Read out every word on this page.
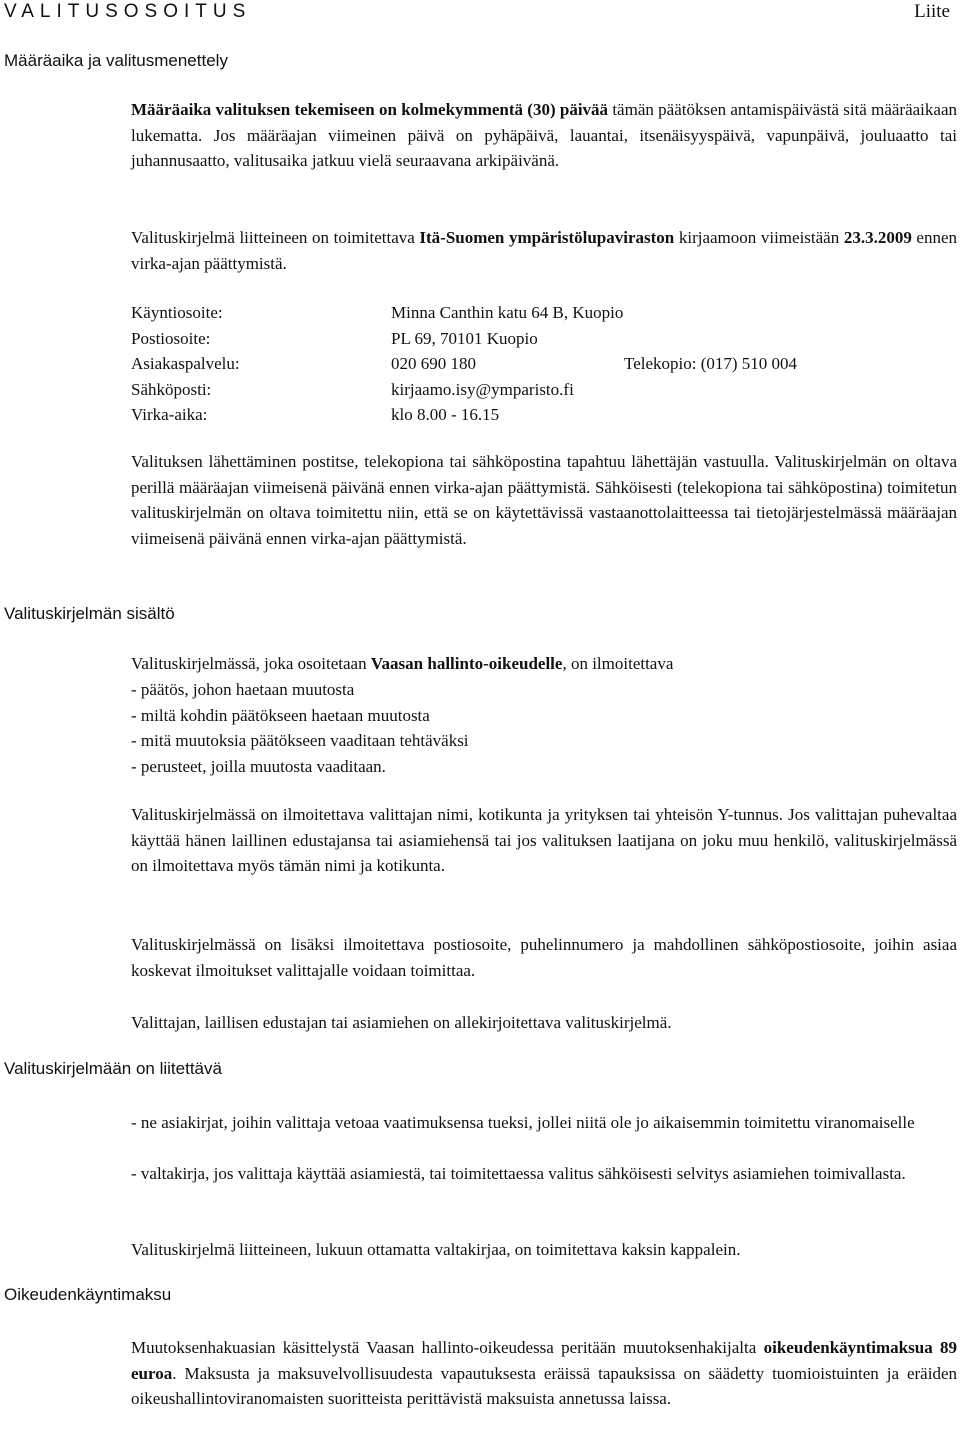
VALITUSOSOITUS	Liite
Määräaika ja valitusmenettely
Valituskirjelmän sisältö
Valituskirjelmään on liitettävä
Oikeudenkäyntimaksu
Määräaika valituksen tekemiseen on kolmekymmentä (30) päivää tämän päätöksen antamispäivästä sitä määräaikaan lukematta. Jos määräajan viimeinen päivä on pyhäpäivä, lauantai, itsenäisyyspäivä, vapunpäivä, jouluaatto tai juhannusaatto, valitusaika jatkuu vielä seuraavana arkipäivänä.
Valituskirjelmä liitteineen on toimitettava Itä-Suomen ympäristölupaviraston kirjaamoon viimeistään 23.3.2009 ennen virka-ajan päättymistä.
Käyntiosoite:	Minna Canthin katu 64 B, Kuopio
Postiosoite:	PL 69, 70101 Kuopio
Asiakaspalvelu:	020 690 180	Telekopio: (017) 510 004
Sähköposti:	kirjaamo.isy@ymparisto.fi
Virka-aika:	klo 8.00 - 16.15
Valituksen lähettäminen postitse, telekopiona tai sähköpostina tapahtuu lähettäjän vastuulla. Valituskirjelmän on oltava perillä määräajan viimeisenä päivänä ennen virka-ajan päättymistä. Sähköisesti (telekopiona tai sähköpostina) toimitetun valituskirjelmän on oltava toimitettu niin, että se on käytettävissä vastaanottolaitteessa tai tietojärjestelmässä määräajan viimeisenä päivänä ennen virka-ajan päättymistä.
Valituskirjelmässä, joka osoitetaan Vaasan hallinto-oikeudelle, on ilmoitettava
- päätös, johon haetaan muutosta
- miltä kohdin päätökseen haetaan muutosta
- mitä muutoksia päätökseen vaaditaan tehtäväksi
- perusteet, joilla muutosta vaaditaan.
Valituskirjelmässä on ilmoitettava valittajan nimi, kotikunta ja yrityksen tai yhteisön Y-tunnus. Jos valittajan puhevaltaa käyttää hänen laillinen edustajansa tai asiamiehensä tai jos valituksen laatijana on joku muu henkilö, valituskirjelmässä on ilmoitettava myös tämän nimi ja kotikunta.
Valituskirjelmässä on lisäksi ilmoitettava postiosoite, puhelinnumero ja mahdollinen sähköpostiosoite, joihin asiaa koskevat ilmoitukset valittajalle voidaan toimittaa.
Valittajan, laillisen edustajan tai asiamiehen on allekirjoitettava valituskirjelmä.
- ne asiakirjat, joihin valittaja vetoaa vaatimuksensa tueksi, jollei niitä ole jo aikaisemmin toimitettu viranomaiselle
- valtakirja, jos valittaja käyttää asiamiestä, tai toimitettaessa valitus sähköisesti selvitys asiamiehen toimivallasta.
Valituskirjelmä liitteineen, lukuun ottamatta valtakirjaa, on toimitettava kaksin kappalein.
Muutoksenhakuasian käsittelystä Vaasan hallinto-oikeudessa peritään muutoksenhakijalta oikeudenkäyntimaksua 89 euroa. Maksusta ja maksuvelvollisuudesta vapautuksesta eräissä tapauksissa on säädetty tuomioistuinten ja eräiden oikeushallintoviranomaisten suoritteista perittävistä maksuista annetussa laissa.
